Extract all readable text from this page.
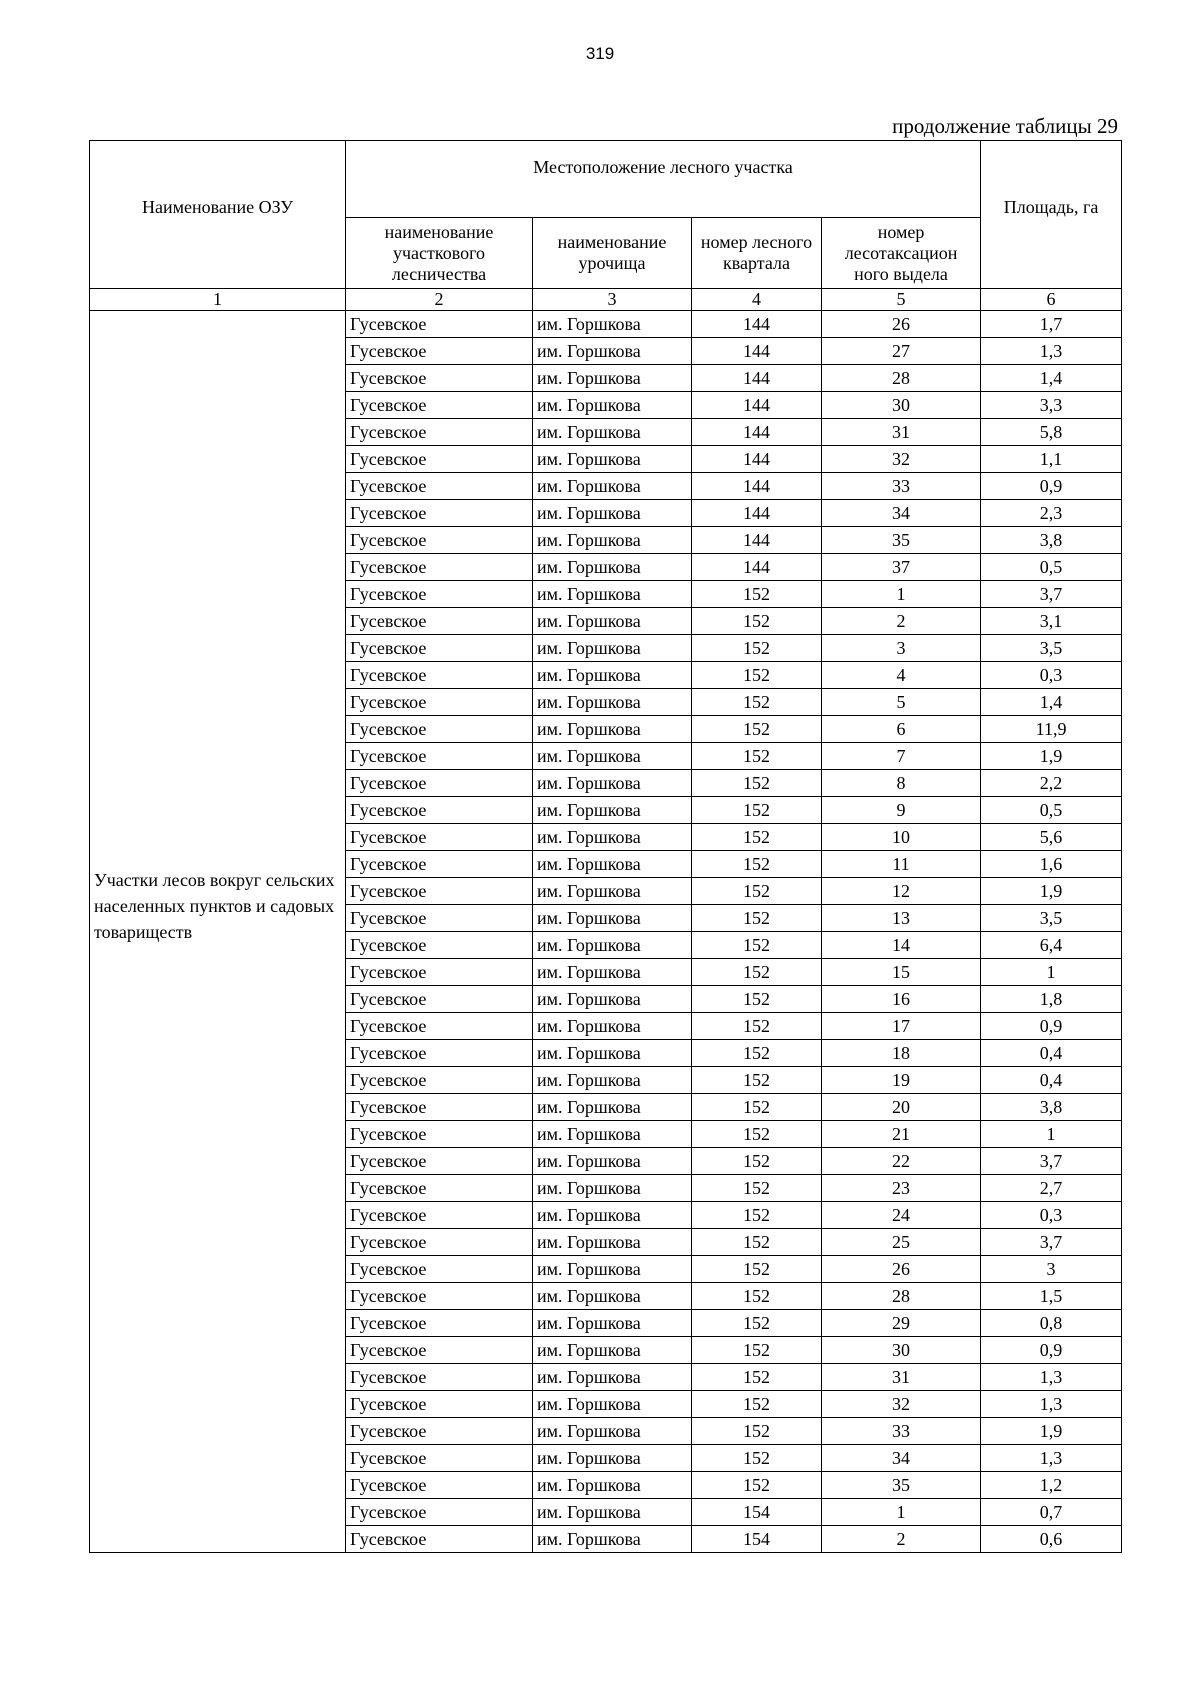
319
продолжение таблицы 29
Наименование ОЗУ	Местоположение лесного участка				Площадь, га
	наименование участкового лесничества	наименование урочища	номер лесного квартала	номер лесотаксацион ного выдела	
1	2	3	4	5	6

Участки лесов вокруг сельских населенных пунктов и садовых товариществ	Гусевское	им. Горшкова	144	26	1,7
	Гусевское	им. Горшкова	144	27	1,3
	Гусевское	им. Горшкова	144	28	1,4
	Гусевское	им. Горшкова	144	30	3,3
	Гусевское	им. Горшкова	144	31	5,8
	Гусевское	им. Горшкова	144	32	1,1
	Гусевское	им. Горшкова	144	33	0,9
	Гусевское	им. Горшкова	144	34	2,3
	Гусевское	им. Горшкова	144	35	3,8
	Гусевское	им. Горшкова	144	37	0,5
	Гусевское	им. Горшкова	152	1	3,7
	Гусевское	им. Горшкова	152	2	3,1
	Гусевское	им. Горшкова	152	3	3,5
	Гусевское	им. Горшкова	152	4	0,3
	Гусевское	им. Горшкова	152	5	1,4
	Гусевское	им. Горшкова	152	6	11,9
	Гусевское	им. Горшкова	152	7	1,9
	Гусевское	им. Горшкова	152	8	2,2
	Гусевское	им. Горшкова	152	9	0,5
	Гусевское	им. Горшкова	152	10	5,6
	Гусевское	им. Горшкова	152	11	1,6
	Гусевское	им. Горшкова	152	12	1,9
	Гусевское	им. Горшкова	152	13	3,5
	Гусевское	им. Горшкова	152	14	6,4
	Гусевское	им. Горшкова	152	15	1
	Гусевское	им. Горшкова	152	16	1,8
	Гусевское	им. Горшкова	152	17	0,9
	Гусевское	им. Горшкова	152	18	0,4
	Гусевское	им. Горшкова	152	19	0,4
	Гусевское	им. Горшкова	152	20	3,8
	Гусевское	им. Горшкова	152	21	1
	Гусевское	им. Горшкова	152	22	3,7
	Гусевское	им. Горшкова	152	23	2,7
	Гусевское	им. Горшкова	152	24	0,3
	Гусевское	им. Горшкова	152	25	3,7
	Гусевское	им. Горшкова	152	26	3
	Гусевское	им. Горшкова	152	28	1,5
	Гусевское	им. Горшкова	152	29	0,8
	Гусевское	им. Горшкова	152	30	0,9
	Гусевское	им. Горшкова	152	31	1,3
	Гусевское	им. Горшкова	152	32	1,3
	Гусевское	им. Горшкова	152	33	1,9
	Гусевское	им. Горшкова	152	34	1,3
	Гусевское	им. Горшкова	152	35	1,2
	Гусевское	им. Горшкова	154	1	0,7
	Гусевское	им. Горшкова	154	2	0,6
